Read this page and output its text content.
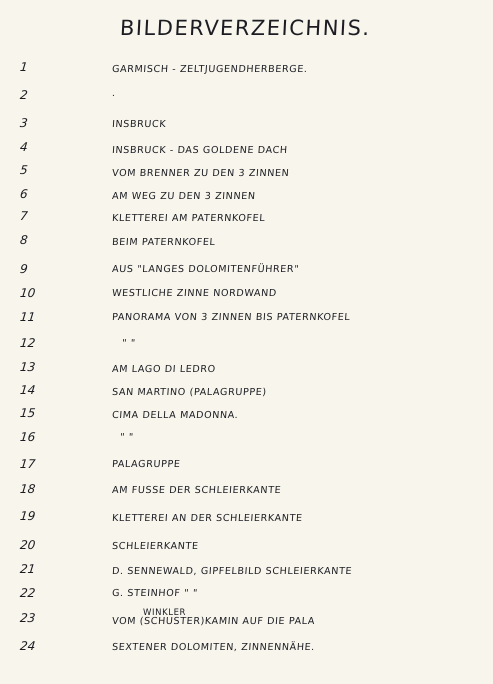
BILDERVERZEICHNIS.
1	GARMISCH - ZELTJUGENDHERBERGE.
2	.
3	INSBRUCK
4	INSBRUCK - DAS GOLDENE DACH
5	VOM BRENNER ZU DEN 3 ZINNEN
6	AM WEG ZU DEN 3 ZINNEN
7	KLETTEREI AM PATERNKOFEL
8	BEIM PATERNKOFEL
9	AUS "LANGES DOLOMITENFÜHRER"
10	WESTLICHE ZINNE NORDWAND
11	PANORAMA VON 3 ZINNEN BIS PATERNKOFEL
12	" "
13	AM LAGO DI LEDRO
14	SAN MARTINO (PALAGRUPPE)
15	CIMA DELLA MADONNA.
16	" "
17	PALAGRUPPE
18	AM FUSSE DER SCHLEIERKANTE
19	KLETTEREI AN DER SCHLEIERKANTE
20	SCHLEIERKANTE
21	D. SENNEWALD, GIPFELBILD SCHLEIERKANTE
22	G. STEINHOF " "
WINKLER
23	VOM (SCHUSTER)KAMIN AUF DIE PALA
24	SEXTENER DOLOMITEN, ZINNENNÄHE.
